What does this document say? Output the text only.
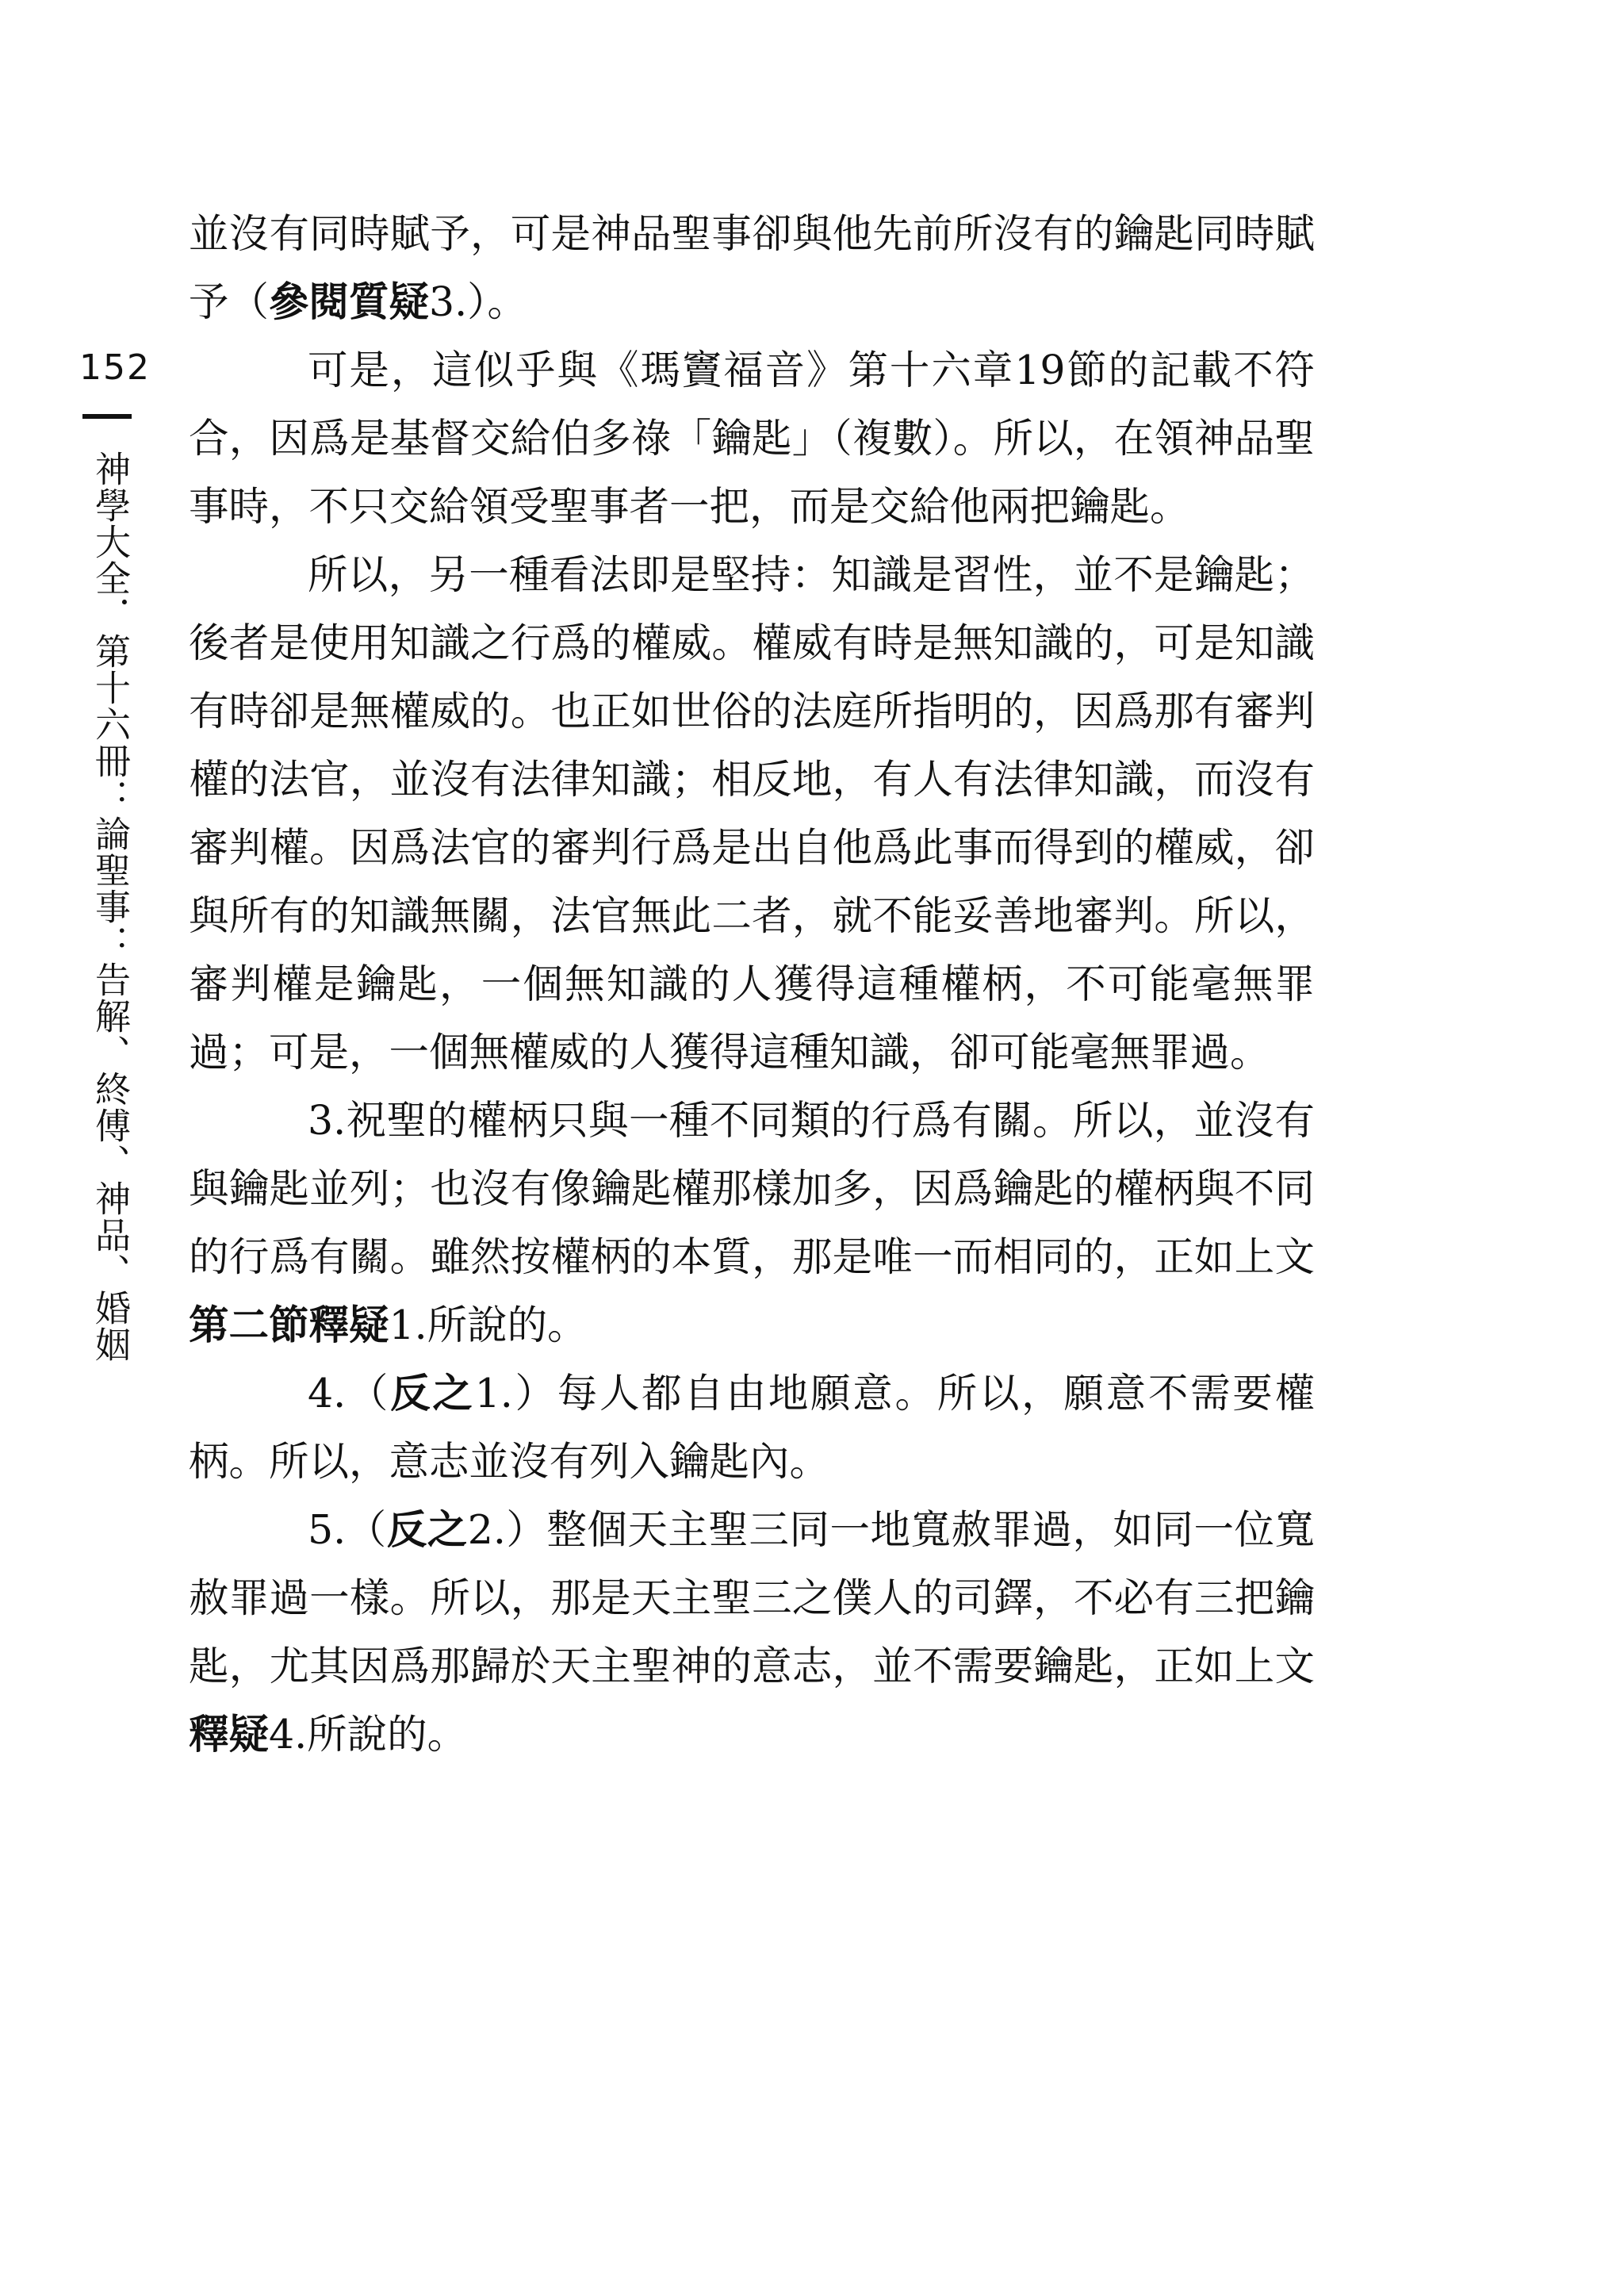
152
神學大全．第十六冊：論聖事：告解、終傅、神品、婚姻

並沒有同時賦予，可是神品聖事卻與他先前所沒有的鑰匙同時賦予（參閱質疑3.）。

可是，這似乎與《瑪竇福音》第十六章19節的記載不符合，因爲是基督交給伯多祿「鑰匙」（複數）。所以，在領神品聖事時，不只交給領受聖事者一把，而是交給他兩把鑰匙。

所以，另一種看法即是堅持：知識是習性，並不是鑰匙；後者是使用知識之行爲的權威。權威有時是無知識的，可是知識有時卻是無權威的。也正如世俗的法庭所指明的，因爲那有審判權的法官，並沒有法律知識；相反地，有人有法律知識，而沒有審判權。因爲法官的審判行爲是出自他爲此事而得到的權威，卻與所有的知識無關，法官無此二者，就不能妥善地審判。所以，審判權是鑰匙，一個無知識的人獲得這種權柄，不可能毫無罪過；可是，一個無權威的人獲得這種知識，卻可能毫無罪過。

3.祝聖的權柄只與一種不同類的行爲有關。所以，並沒有與鑰匙並列；也沒有像鑰匙權那樣加多，因爲鑰匙的權柄與不同的行爲有關。雖然按權柄的本質，那是唯一而相同的，正如上文第二節釋疑1.所說的。

4.（反之1.）每人都自由地願意。所以，願意不需要權柄。所以，意志並沒有列入鑰匙內。

5.（反之2.）整個天主聖三同一地寬赦罪過，如同一位寬赦罪過一樣。所以，那是天主聖三之僕人的司鐸，不必有三把鑰匙，尤其因爲那歸於天主聖神的意志，並不需要鑰匙，正如上文釋疑4.所說的。
